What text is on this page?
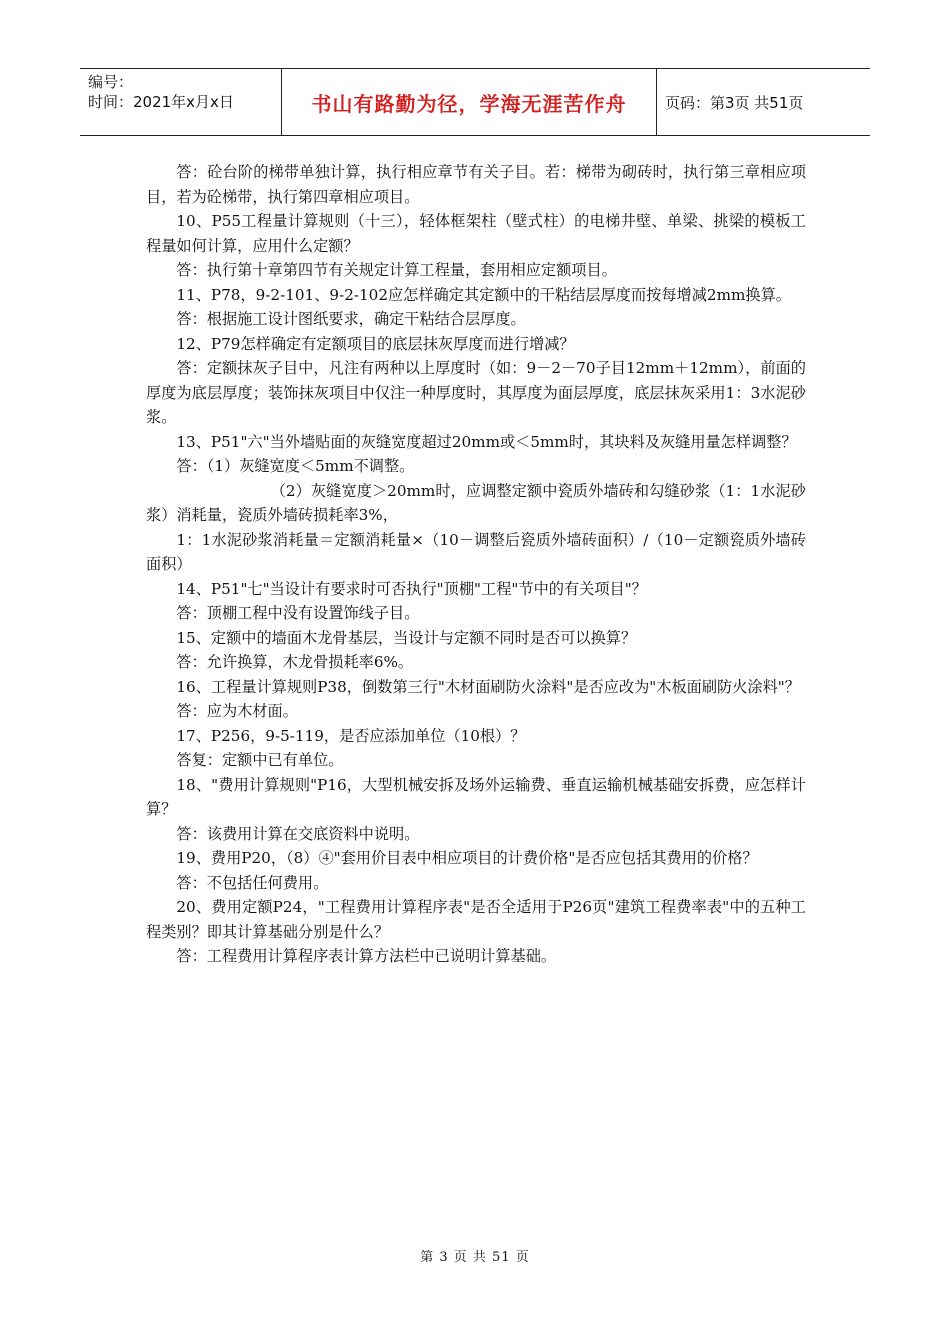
编号：
时间：2021年x月x日	书山有路勤为径，学海无涯苦作舟	页码：第3页 共51页

答：砼台阶的梯带单独计算，执行相应章节有关子目。若：梯带为砌砖时，执行第三章相应项目，若为砼梯带，执行第四章相应项目。

10、P55工程量计算规则（十三），轻体框架柱（壁式柱）的电梯井壁、单梁、挑梁的模板工程量如何计算，应用什么定额？

答：执行第十章第四节有关规定计算工程量，套用相应定额项目。

11、P78，9-2-101、9-2-102应怎样确定其定额中的干粘结层厚度而按每增减2mm换算。

答：根据施工设计图纸要求，确定干粘结合层厚度。

12、P79怎样确定有定额项目的底层抹灰厚度而进行增减？

答：定额抹灰子目中，凡注有两种以上厚度时（如：9－2－70子目12mm＋12mm），前面的厚度为底层厚度；装饰抹灰项目中仅注一种厚度时，其厚度为面层厚度，底层抹灰采用1：3水泥砂浆。

13、P51"六"当外墙贴面的灰缝宽度超过20mm或＜5mm时，其块料及灰缝用量怎样调整？

答：（1）灰缝宽度＜5mm不调整。

（2）灰缝宽度＞20mm时，应调整定额中瓷质外墙砖和勾缝砂浆（1：1水泥砂浆）消耗量，瓷质外墙砖损耗率3%，

1：1水泥砂浆消耗量＝定额消耗量×（10－调整后瓷质外墙砖面积）/（10－定额瓷质外墙砖面积）

14、P51"七"当设计有要求时可否执行"顶棚"工程"节中的有关项目"？

答：顶棚工程中没有设置饰线子目。

15、定额中的墙面木龙骨基层，当设计与定额不同时是否可以换算？

答：允许换算，木龙骨损耗率6%。

16、工程量计算规则P38，倒数第三行"木材面刷防火涂料"是否应改为"木板面刷防火涂料"？

答：应为木材面。

17、P256，9-5-119，是否应添加单位（10根）？

答复：定额中已有单位。

18、"费用计算规则"P16，大型机械安拆及场外运输费、垂直运输机械基础安拆费，应怎样计算？

答：该费用计算在交底资料中说明。

19、费用P20，（8）④"套用价目表中相应项目的计费价格"是否应包括其费用的价格？

答：不包括任何费用。

20、费用定额P24，"工程费用计算程序表"是否全适用于P26页"建筑工程费率表"中的五种工程类别？即其计算基础分别是什么？

答：工程费用计算程序表计算方法栏中已说明计算基础。

第 3 页 共 51 页
